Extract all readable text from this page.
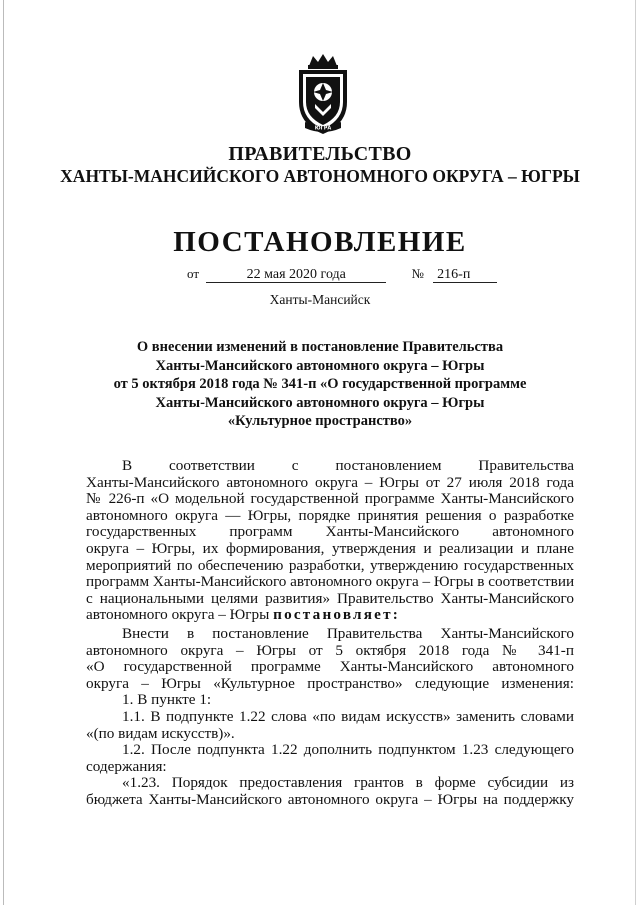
ЮГРА
ПРАВИТЕЛЬСТВО
ХАНТЫ-МАНСИЙСКОГО АВТОНОМНОГО ОКРУГА – ЮГРЫ
ПОСТАНОВЛЕНИЕ
от	22 мая 2020 года	№ 216-п
Ханты-Мансийск
О внесении изменений в постановление Правительства
Ханты-Мансийского автономного округа – Югры
от 5 октября 2018 года № 341-п «О государственной программе
Ханты-Мансийского автономного округа – Югры
«Культурное пространство»
В соответствии с постановлением Правительства
Ханты-Мансийского автономного округа – Югры от 27 июля 2018 года
№ 226-п «О модельной государственной программе Ханты-Мансийского
автономного округа — Югры, порядке принятия решения о разработке
государственных программ Ханты-Мансийского автономного
округа – Югры, их формирования, утверждения и реализации и плане
мероприятий по обеспечению разработки, утверждению государственных
программ Ханты-Мансийского автономного округа – Югры в соответствии
с национальными целями развития» Правительство Ханты-Мансийского
автономного округа – Югры постановляет:
Внести в постановление Правительства Ханты-Мансийского
автономного округа – Югры от 5 октября 2018 года № 341-п
«О государственной программе Ханты-Мансийского автономного
округа – Югры «Культурное пространство» следующие изменения:
1. В пункте 1:
1.1. В подпункте 1.22 слова «по видам искусств» заменить словами
«(по видам искусств)».
1.2. После подпункта 1.22 дополнить подпунктом 1.23 следующего
содержания:
«1.23. Порядок предоставления грантов в форме субсидии из
бюджета Ханты-Мансийского автономного округа – Югры на поддержку
